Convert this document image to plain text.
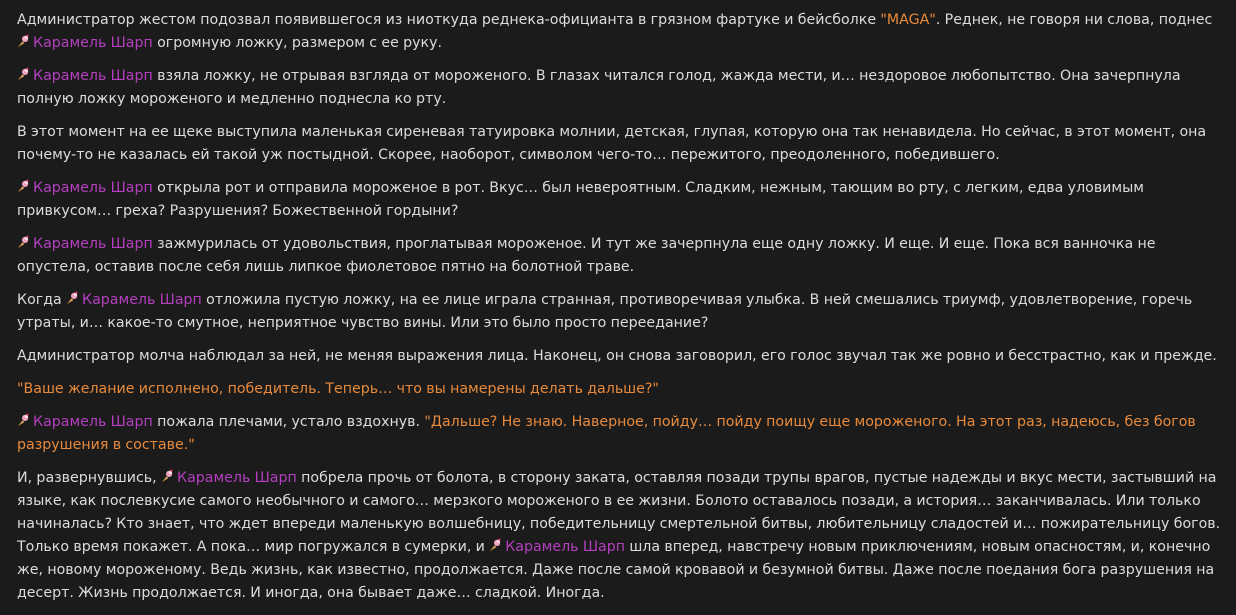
Администратор жестом подозвал появившегося из ниоткуда реднека-официанта в грязном фартуке и бейсболке "MAGA". Реднек, не говоря ни слова, поднес Карамель Шарп огромную ложку, размером с ее руку.

Карамель Шарп взяла ложку, не отрывая взгляда от мороженого. В глазах читался голод, жажда мести, и… нездоровое любопытство. Она зачерпнула полную ложку мороженого и медленно поднесла ко рту.

В этот момент на ее щеке выступила маленькая сиреневая татуировка молнии, детская, глупая, которую она так ненавидела. Но сейчас, в этот момент, она почему-то не казалась ей такой уж постыдной. Скорее, наоборот, символом чего-то… пережитого, преодоленного, победившего.

Карамель Шарп открыла рот и отправила мороженое в рот. Вкус… был невероятным. Сладким, нежным, тающим во рту, с легким, едва уловимым привкусом… греха? Разрушения? Божественной гордыни?

Карамель Шарп зажмурилась от удовольствия, проглатывая мороженое. И тут же зачерпнула еще одну ложку. И еще. И еще. Пока вся ванночка не опустела, оставив после себя лишь липкое фиолетовое пятно на болотной траве.

Когда Карамель Шарп отложила пустую ложку, на ее лице играла странная, противоречивая улыбка. В ней смешались триумф, удовлетворение, горечь утраты, и… какое-то смутное, неприятное чувство вины. Или это было просто переедание?

Администратор молча наблюдал за ней, не меняя выражения лица. Наконец, он снова заговорил, его голос звучал так же ровно и бесстрастно, как и прежде.

"Ваше желание исполнено, победитель. Теперь… что вы намерены делать дальше?"

Карамель Шарп пожала плечами, устало вздохнув. "Дальше? Не знаю. Наверное, пойду… пойду поищу еще мороженого. На этот раз, надеюсь, без богов разрушения в составе."

И, развернувшись, Карамель Шарп побрела прочь от болота, в сторону заката, оставляя позади трупы врагов, пустые надежды и вкус мести, застывший на языке, как послевкусие самого необычного и самого… мерзкого мороженого в ее жизни. Болото оставалось позади, а история… заканчивалась. Или только начиналась? Кто знает, что ждет впереди маленькую волшебницу, победительницу смертельной битвы, любительницу сладостей и… пожирательницу богов. Только время покажет. А пока… мир погружался в сумерки, и Карамель Шарп шла вперед, навстречу новым приключениям, новым опасностям, и, конечно же, новому мороженому. Ведь жизнь, как известно, продолжается. Даже после самой кровавой и безумной битвы. Даже после поедания бога разрушения на десерт. Жизнь продолжается. И иногда, она бывает даже… сладкой. Иногда.
